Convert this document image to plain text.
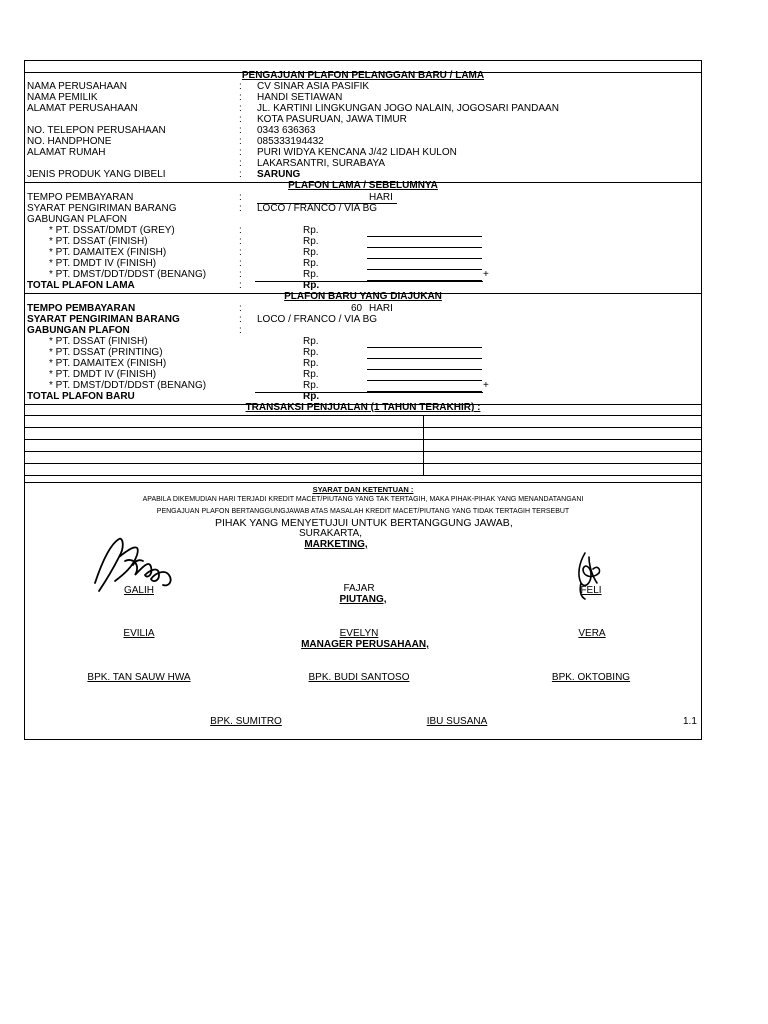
PENGAJUAN PLAFON PELANGGAN BARU / LAMA
NAMA PERUSAHAAN	: CV SINAR ASIA PASIFIK
NAMA PEMILIK	: HANDI SETIAWAN
ALAMAT PERUSAHAAN	: JL. KARTINI LINGKUNGAN JOGO NALAIN, JOGOSARI PANDAAN
: KOTA PASURUAN, JAWA TIMUR
NO. TELEPON PERUSAHAAN	: 0343 636363
NO. HANDPHONE	: 085333194432
ALAMAT RUMAH	: PURI WIDYA KENCANA J/42 LIDAH KULON
: LAKARSANTRI, SURABAYA
JENIS PRODUK YANG DIBELI	: SARUNG
PLAFON LAMA / SEBELUMNYA
TEMPO PEMBAYARAN	:	HARI
SYARAT PENGIRIMAN BARANG	: LOCO / FRANCO / VIA BG
GABUNGAN PLAFON
* PT. DSSAT/DMDT (GREY)	:	Rp.
* PT. DSSAT (FINISH)	:	Rp.
* PT. DAMAITEX (FINISH)	:	Rp.
* PT. DMDT IV (FINISH)	:	Rp.
* PT. DMST/DDT/DDST (BENANG)	:	Rp.	+
TOTAL PLAFON LAMA	:	Rp.
PLAFON BARU YANG DIAJUKAN
TEMPO PEMBAYARAN	:	60 HARI
SYARAT PENGIRIMAN BARANG	: LOCO / FRANCO / VIA BG
GABUNGAN PLAFON	:
* PT. DSSAT (FINISH)	Rp.
* PT. DSSAT (PRINTING)	Rp.
* PT. DAMAITEX (FINISH)	Rp.
* PT. DMDT IV (FINISH)	Rp.
* PT. DMST/DDT/DDST (BENANG)	Rp.	+
TOTAL PLAFON BARU	Rp.
TRANSAKSI PENJUALAN (1 TAHUN TERAKHIR) :
SYARAT DAN KETENTUAN :
APABILA DIKEMUDIAN HARI TERJADI KREDIT MACET/PIUTANG YANG TAK TERTAGIH, MAKA PIHAK-PIHAK YANG MENANDATANGANI
PENGAJUAN PLAFON BERTANGGUNGJAWAB ATAS MASALAH KREDIT MACET/PIUTANG YANG TIDAK TERTAGIH TERSEBUT
PIHAK YANG MENYETUJUI UNTUK BERTANGGUNG JAWAB,
SURAKARTA,
MARKETING,
GALIH	FAJAR	FELI
PIUTANG,
EVILIA	EVELYN	VERA
MANAGER PERUSAHAAN,
BPK. TAN SAUW HWA	BPK. BUDI SANTOSO	BPK. OKTOBING
BPK. SUMITRO	IBU SUSANA	1.1
